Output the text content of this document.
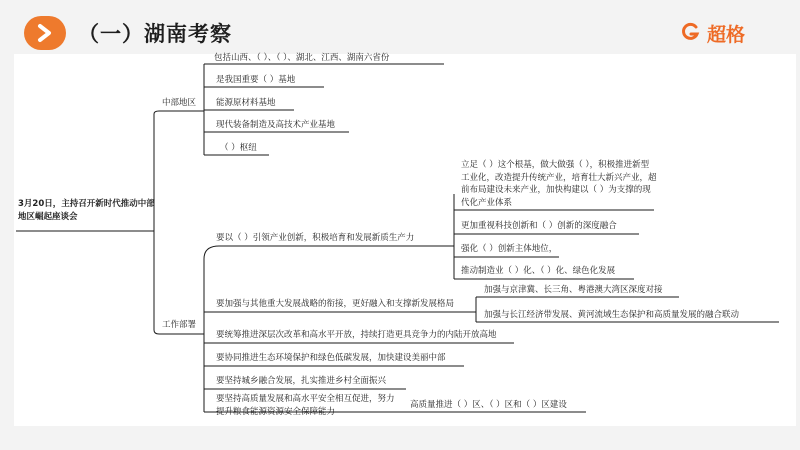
（一）湖南考察	超格
3月20日，主持召开新时代推动中部地区崛起座谈会
中部地区
工作部署
包括山西、（ ）、（ ）、湖北、江西、湖南六省份
是我国重要（ ）基地
能源原材料基地
现代装备制造及高技术产业基地
（ ）枢纽
要以（ ）引领产业创新，积极培育和发展新质生产力
立足（ ）这个根基，做大做强（ ），积极推进新型工业化，改造提升传统产业，培育壮大新兴产业，超前布局建设未来产业，加快构建以（ ）为支撑的现代化产业体系
更加重视科技创新和（ ）创新的深度融合
强化（ ）创新主体地位，
推动制造业（ ）化、（ ）化、绿色化发展
要加强与其他重大发展战略的衔接，更好融入和支撑新发展格局
加强与京津冀、长三角、粤港澳大湾区深度对接
加强与长江经济带发展、黄河流域生态保护和高质量发展的融合联动
要统筹推进深层次改革和高水平开放，持续打造更具竞争力的内陆开放高地
要协同推进生态环境保护和绿色低碳发展，加快建设美丽中部
要坚持城乡融合发展，扎实推进乡村全面振兴
要坚持高质量发展和高水平安全相互促进，努力提升粮食能源资源安全保障能力
高质量推进（ ）区、（ ）区和（ ）区建设
